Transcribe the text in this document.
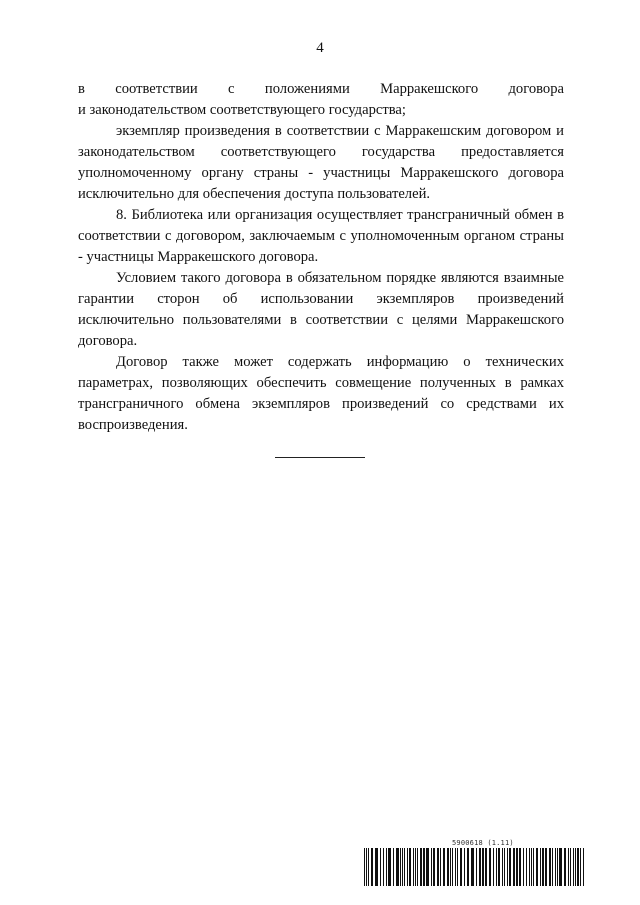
4

в соответствии с положениями Марракешского договора
и законодательством соответствующего государства;

экземпляр произведения в соответствии с Марракешским договором и законодательством соответствующего государства предоставляется уполномоченному органу страны - участницы Марракешского договора исключительно для обеспечения доступа пользователей.

8. Библиотека или организация осуществляет трансграничный обмен в соответствии с договором, заключаемым с уполномоченным органом страны - участницы Марракешского договора.

Условием такого договора в обязательном порядке являются взаимные гарантии сторон об использовании экземпляров произведений исключительно пользователями в соответствии с целями Марракешского договора.

Договор также может содержать информацию о технических параметрах, позволяющих обеспечить совмещение полученных в рамках трансграничного обмена экземпляров произведений со средствами их воспроизведения.

5900618 (1.11)
